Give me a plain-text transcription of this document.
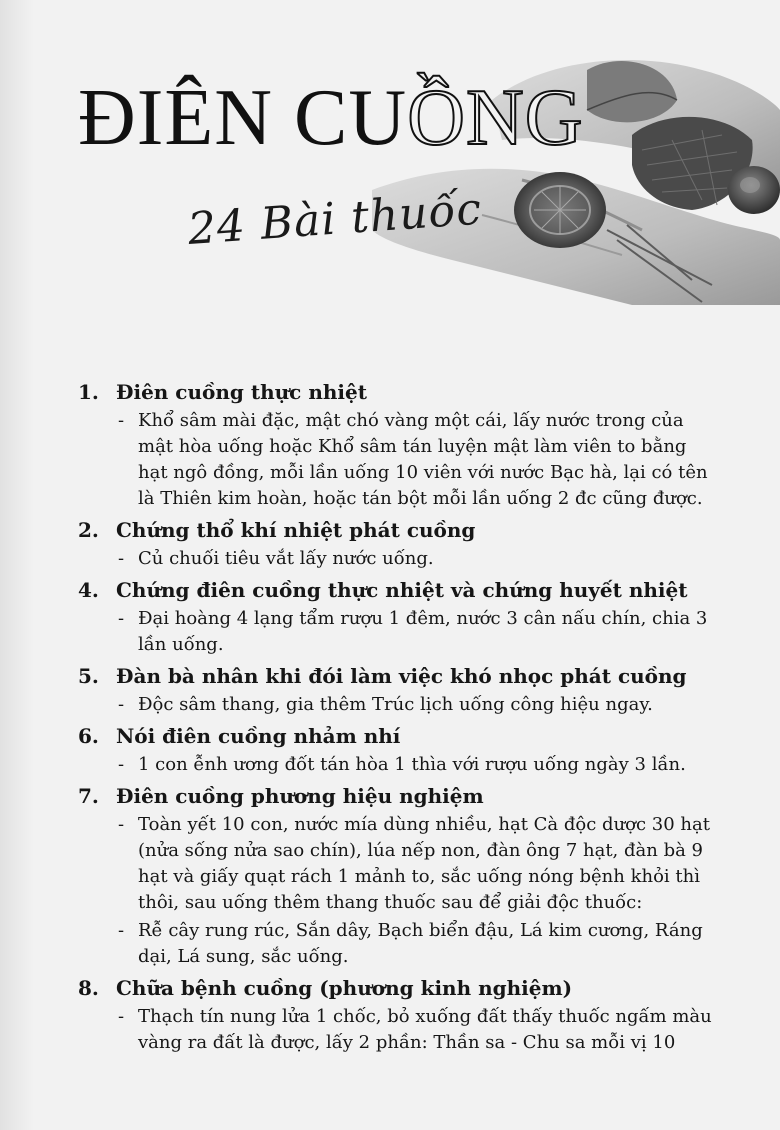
ĐIÊN CUỒNG
24 Bài thuốc
1. Điên cuồng thực nhiệt
- Khổ sâm mài đặc, mật chó vàng một cái, lấy nước trong của mật hòa uống hoặc Khổ sâm tán luyện mật làm viên to bằng hạt ngô đồng, mỗi lần uống 10 viên với nước Bạc hà, lại có tên là Thiên kim hoàn, hoặc tán bột mỗi lần uống 2 đc cũng được.
2. Chứng thổ khí nhiệt phát cuồng
- Củ chuối tiêu vắt lấy nước uống.
4. Chứng điên cuồng thực nhiệt và chứng huyết nhiệt
- Đại hoàng 4 lạng tẩm rượu 1 đêm, nước 3 cân nấu chín, chia 3 lần uống.
5. Đàn bà nhân khi đói làm việc khó nhọc phát cuồng
- Độc sâm thang, gia thêm Trúc lịch uống công hiệu ngay.
6. Nói điên cuồng nhảm nhí
- 1 con ễnh ương đốt tán hòa 1 thìa với rượu uống ngày 3 lần.
7. Điên cuồng phương hiệu nghiệm
- Toàn yết 10 con, nước mía dùng nhiều, hạt Cà độc dược 30 hạt (nửa sống nửa sao chín), lúa nếp non, đàn ông 7 hạt, đàn bà 9 hạt và giấy quạt rách 1 mảnh to, sắc uống nóng bệnh khỏi thì thôi, sau uống thêm thang thuốc sau để giải độc thuốc:
- Rễ cây rung rúc, Sắn dây, Bạch biển đậu, Lá kim cương, Ráng dại, Lá sung, sắc uống.
8. Chữa bệnh cuồng (phương kinh nghiệm)
- Thạch tín nung lửa 1 chốc, bỏ xuống đất thấy thuốc ngấm màu vàng ra đất là được, lấy 2 phần: Thần sa - Chu sa mỗi vị 10
